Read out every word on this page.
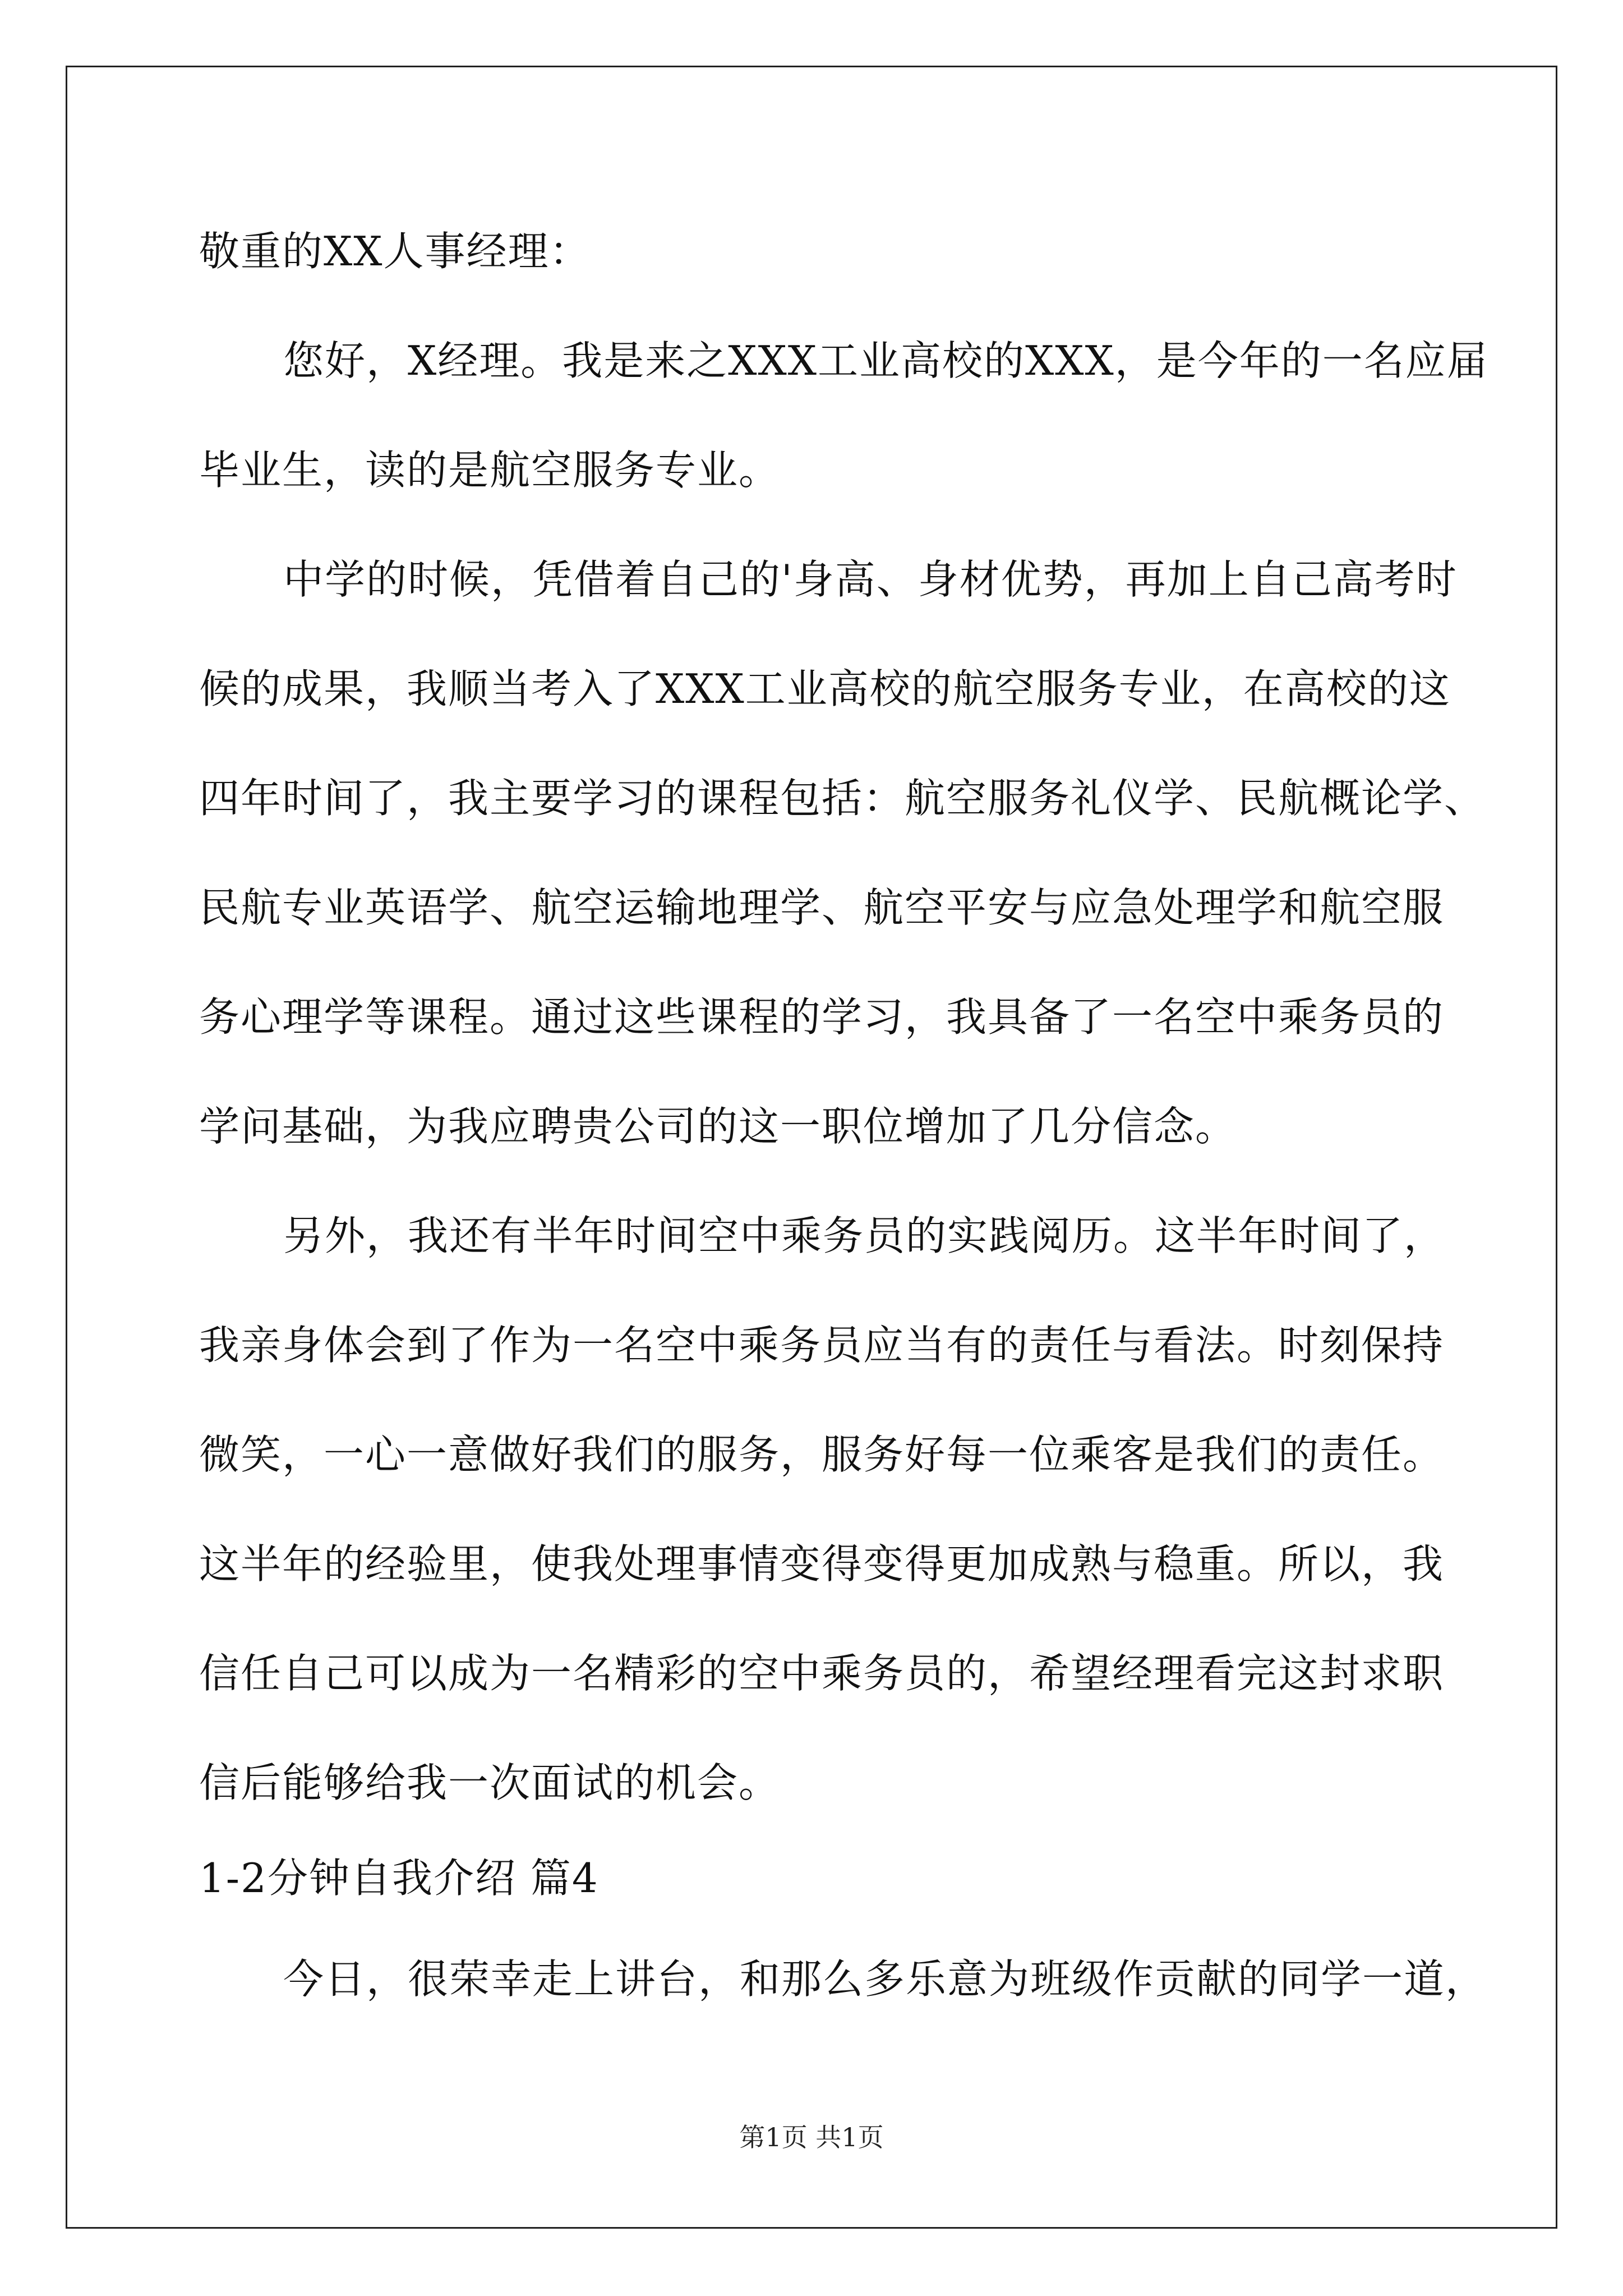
敬重的XX人事经理：
您好，X经理。我是来之XXX工业高校的XXX，是今年的一名应届
毕业生，读的是航空服务专业。
中学的时候，凭借着自己的'身高、身材优势，再加上自己高考时
候的成果，我顺当考入了XXX工业高校的航空服务专业，在高校的这
四年时间了，我主要学习的课程包括：航空服务礼仪学、民航概论学、
民航专业英语学、航空运输地理学、航空平安与应急处理学和航空服
务心理学等课程。通过这些课程的学习，我具备了一名空中乘务员的
学问基础，为我应聘贵公司的这一职位增加了几分信念。
另外，我还有半年时间空中乘务员的实践阅历。这半年时间了，
我亲身体会到了作为一名空中乘务员应当有的责任与看法。时刻保持
微笑，一心一意做好我们的服务，服务好每一位乘客是我们的责任。
这半年的经验里，使我处理事情变得变得更加成熟与稳重。所以，我
信任自己可以成为一名精彩的空中乘务员的，希望经理看完这封求职
信后能够给我一次面试的机会。
1-2分钟自我介绍 篇4
今日，很荣幸走上讲台，和那么多乐意为班级作贡献的同学一道，
第1页 共1页
